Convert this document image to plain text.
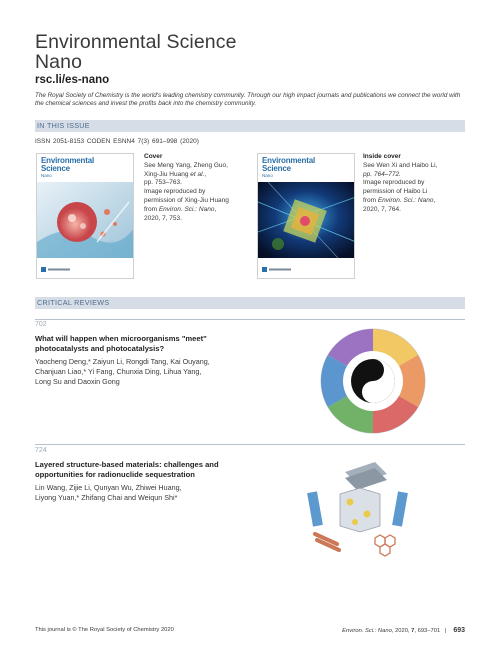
Environmental Science
Nano
rsc.li/es-nano
The Royal Society of Chemistry is the world's leading chemistry community. Through our high impact journals and publications we connect the world with the chemical sciences and invest the profits back into the chemistry community.
IN THIS ISSUE
ISSN 2051-8153 CODEN ESNN4 7(3) 691–998 (2020)
Environmental
Science
Nano
Cover
See Meng Yang, Zheng Guo,
Xing-Jiu Huang et al.,
pp. 753–763.
Image reproduced by
permission of Xing-Jiu Huang
from Environ. Sci.: Nano,
2020, 7, 753.
Environmental
Science
Nano
Inside cover
See Wen Xi and Haibo Li,
pp. 764–772.
Image reproduced by
permission of Haibo Li
from Environ. Sci.: Nano,
2020, 7, 764.
CRITICAL REVIEWS
702
What will happen when microorganisms "meet"
photocatalysts and photocatalysis?
Yaocheng Deng,* Zaiyun Li, Rongdi Tang, Kai Ouyang,
Chanjuan Liao,* Yi Fang, Chunxia Ding, Lihua Yang,
Long Su and Daoxin Gong
724
Layered structure-based materials: challenges and
opportunities for radionuclide sequestration
Lin Wang, Zijie Li, Qunyan Wu, Zhiwei Huang,
Liyong Yuan,* Zhifang Chai and Weiqun Shi*
This journal is © The Royal Society of Chemistry 2020	Environ. Sci.: Nano, 2020, 7, 693–701 | 693
